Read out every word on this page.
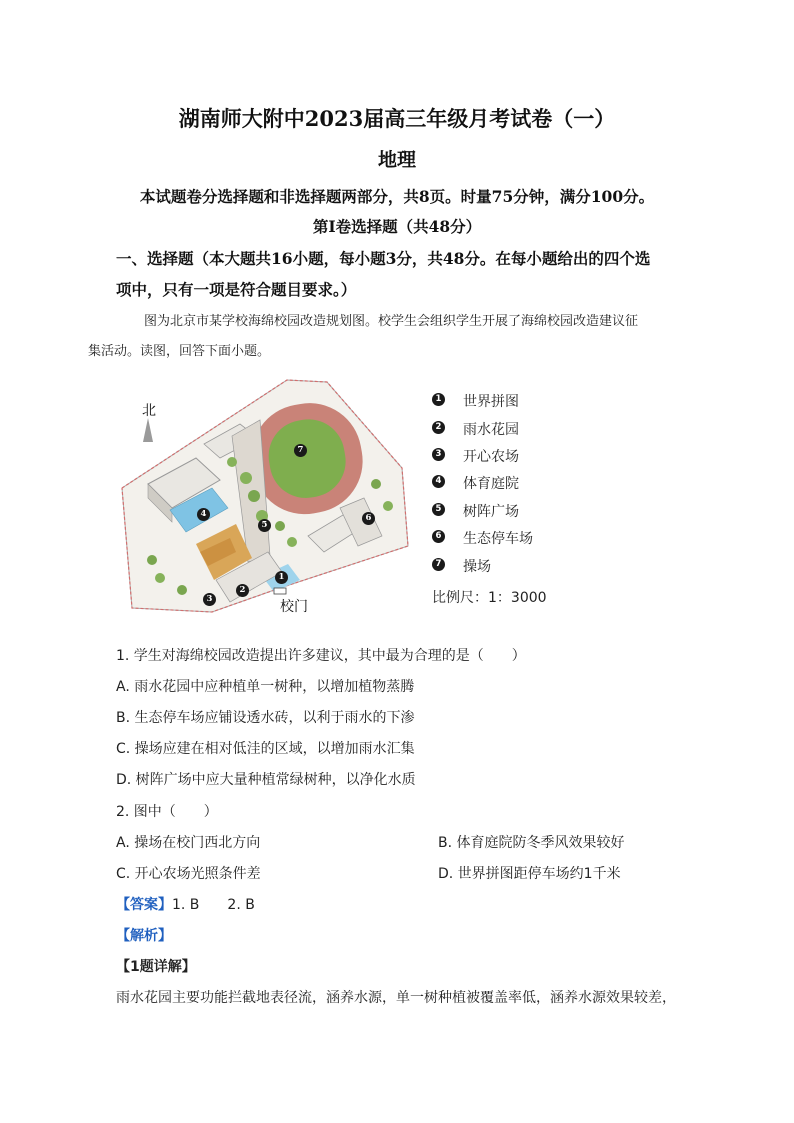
湖南师大附中2023届高三年级月考试卷（一）
地理
本试题卷分选择题和非选择题两部分，共8页。时量75分钟，满分100分。
第Ⅰ卷选择题（共48分）
一、选择题（本大题共16小题，每小题3分，共48分。在每小题给出的四个选
项中，只有一项是符合题目要求。）
图为北京市某学校海绵校园改造规划图。校学生会组织学生开展了海绵校园改造建议征
集活动。读图，回答下面小题。
北
校门
1
2
3
4
5
6
7
1 世界拼图
2 雨水花园
3 开心农场
4 体育庭院
5 树阵广场
6 生态停车场
7 操场
比例尺：1：3000
1. 学生对海绵校园改造提出许多建议，其中最为合理的是（　　）
A. 雨水花园中应种植单一树种，以增加植物蒸腾
B. 生态停车场应铺设透水砖，以利于雨水的下渗
C. 操场应建在相对低洼的区域，以增加雨水汇集
D. 树阵广场中应大量种植常绿树种，以净化水质
2. 图中（　　）
A. 操场在校门西北方向	B. 体育庭院防冬季风效果较好
C. 开心农场光照条件差	D. 世界拼图距停车场约1千米
【答案】1. B　　2. B
【解析】
【1题详解】
雨水花园主要功能拦截地表径流，涵养水源，单一树种植被覆盖率低，涵养水源效果较差，
